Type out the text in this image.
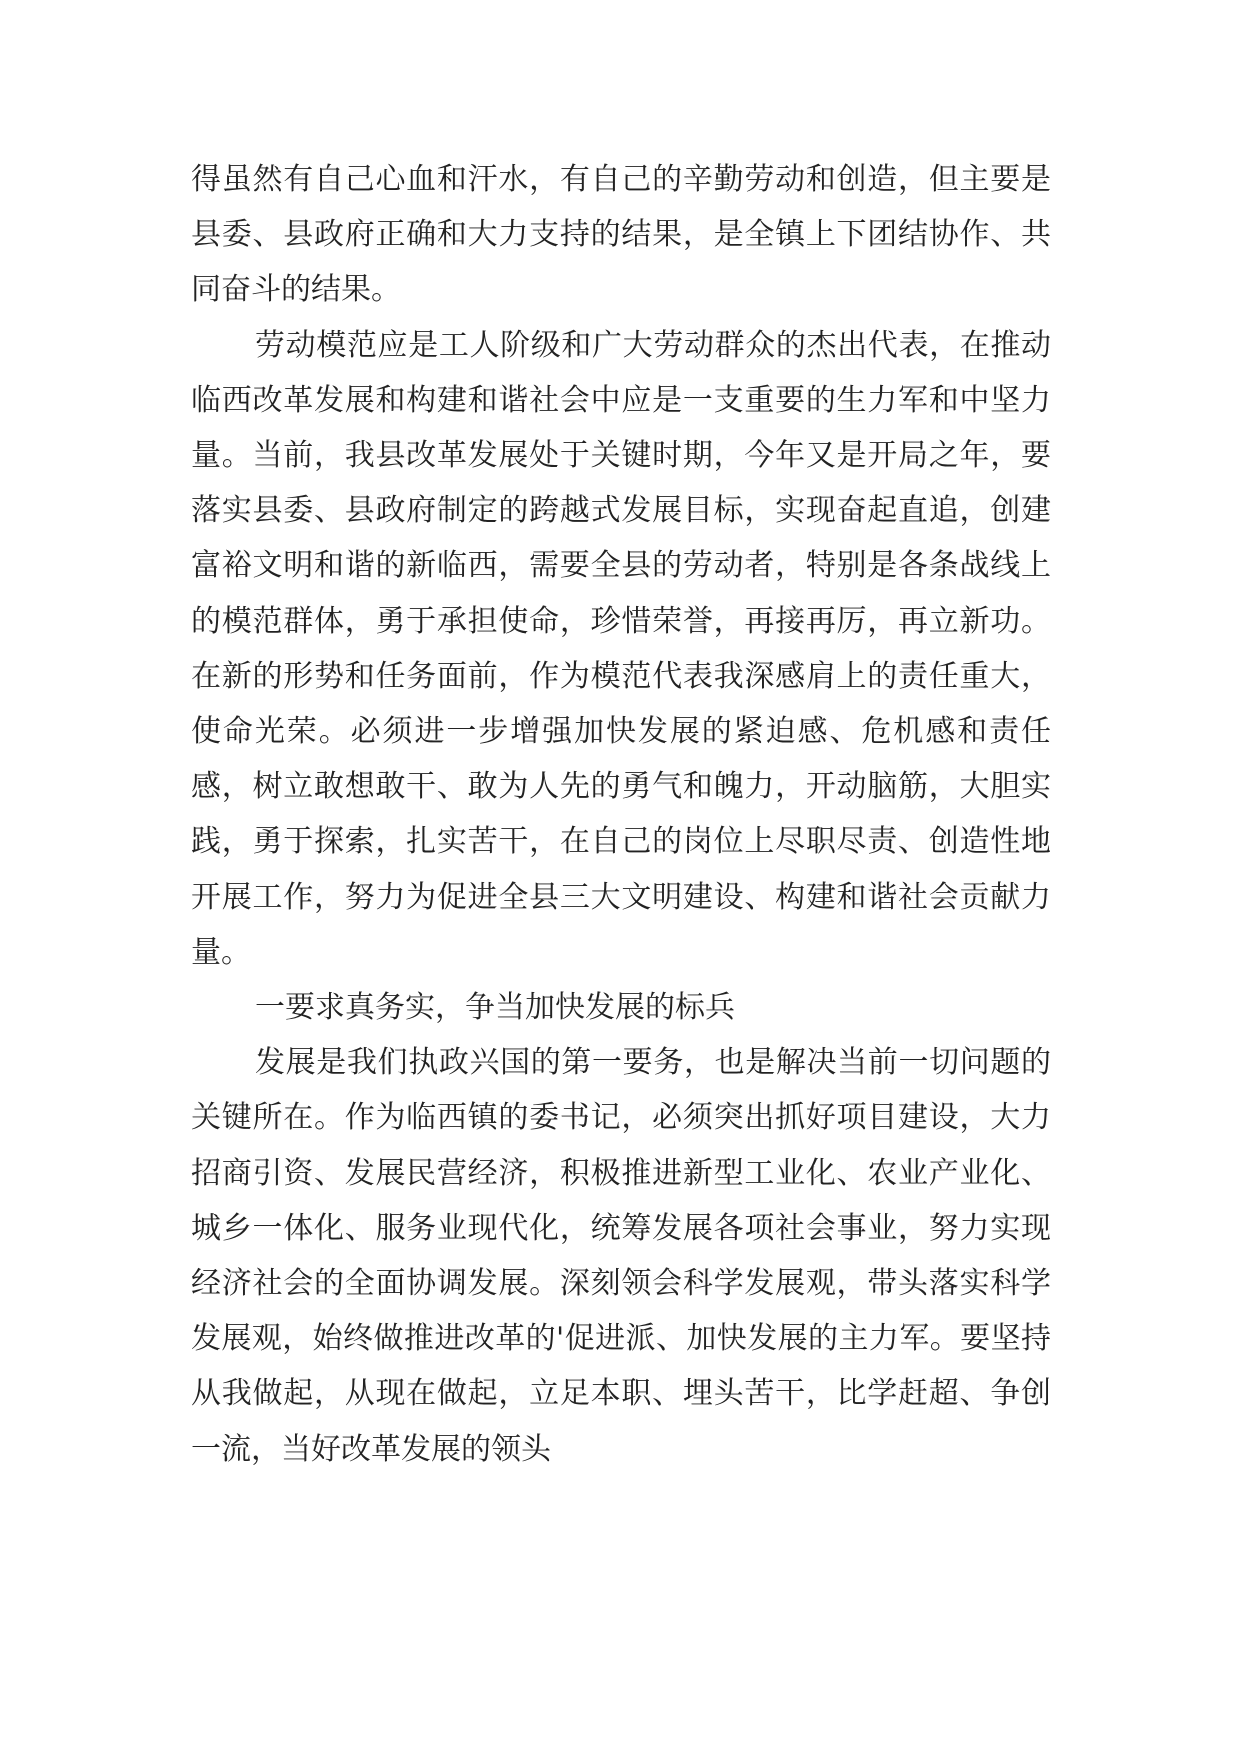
得虽然有自己心血和汗水，有自己的辛勤劳动和创造，但主要是县委、县政府正确和大力支持的结果，是全镇上下团结协作、共同奋斗的结果。

劳动模范应是工人阶级和广大劳动群众的杰出代表，在推动临西改革发展和构建和谐社会中应是一支重要的生力军和中坚力量。当前，我县改革发展处于关键时期，今年又是开局之年，要落实县委、县政府制定的跨越式发展目标，实现奋起直追，创建富裕文明和谐的新临西，需要全县的劳动者，特别是各条战线上的模范群体，勇于承担使命，珍惜荣誉，再接再厉，再立新功。在新的形势和任务面前，作为模范代表我深感肩上的责任重大，使命光荣。必须进一步增强加快发展的紧迫感、危机感和责任感，树立敢想敢干、敢为人先的勇气和魄力，开动脑筋，大胆实践，勇于探索，扎实苦干，在自己的岗位上尽职尽责、创造性地开展工作，努力为促进全县三大文明建设、构建和谐社会贡献力量。

一要求真务实，争当加快发展的标兵

发展是我们执政兴国的第一要务，也是解决当前一切问题的关键所在。作为临西镇的委书记，必须突出抓好项目建设，大力招商引资、发展民营经济，积极推进新型工业化、农业产业化、城乡一体化、服务业现代化，统筹发展各项社会事业，努力实现经济社会的全面协调发展。深刻领会科学发展观，带头落实科学发展观，始终做推进改革的'促进派、加快发展的主力军。要坚持从我做起，从现在做起，立足本职、埋头苦干，比学赶超、争创一流，当好改革发展的领头
